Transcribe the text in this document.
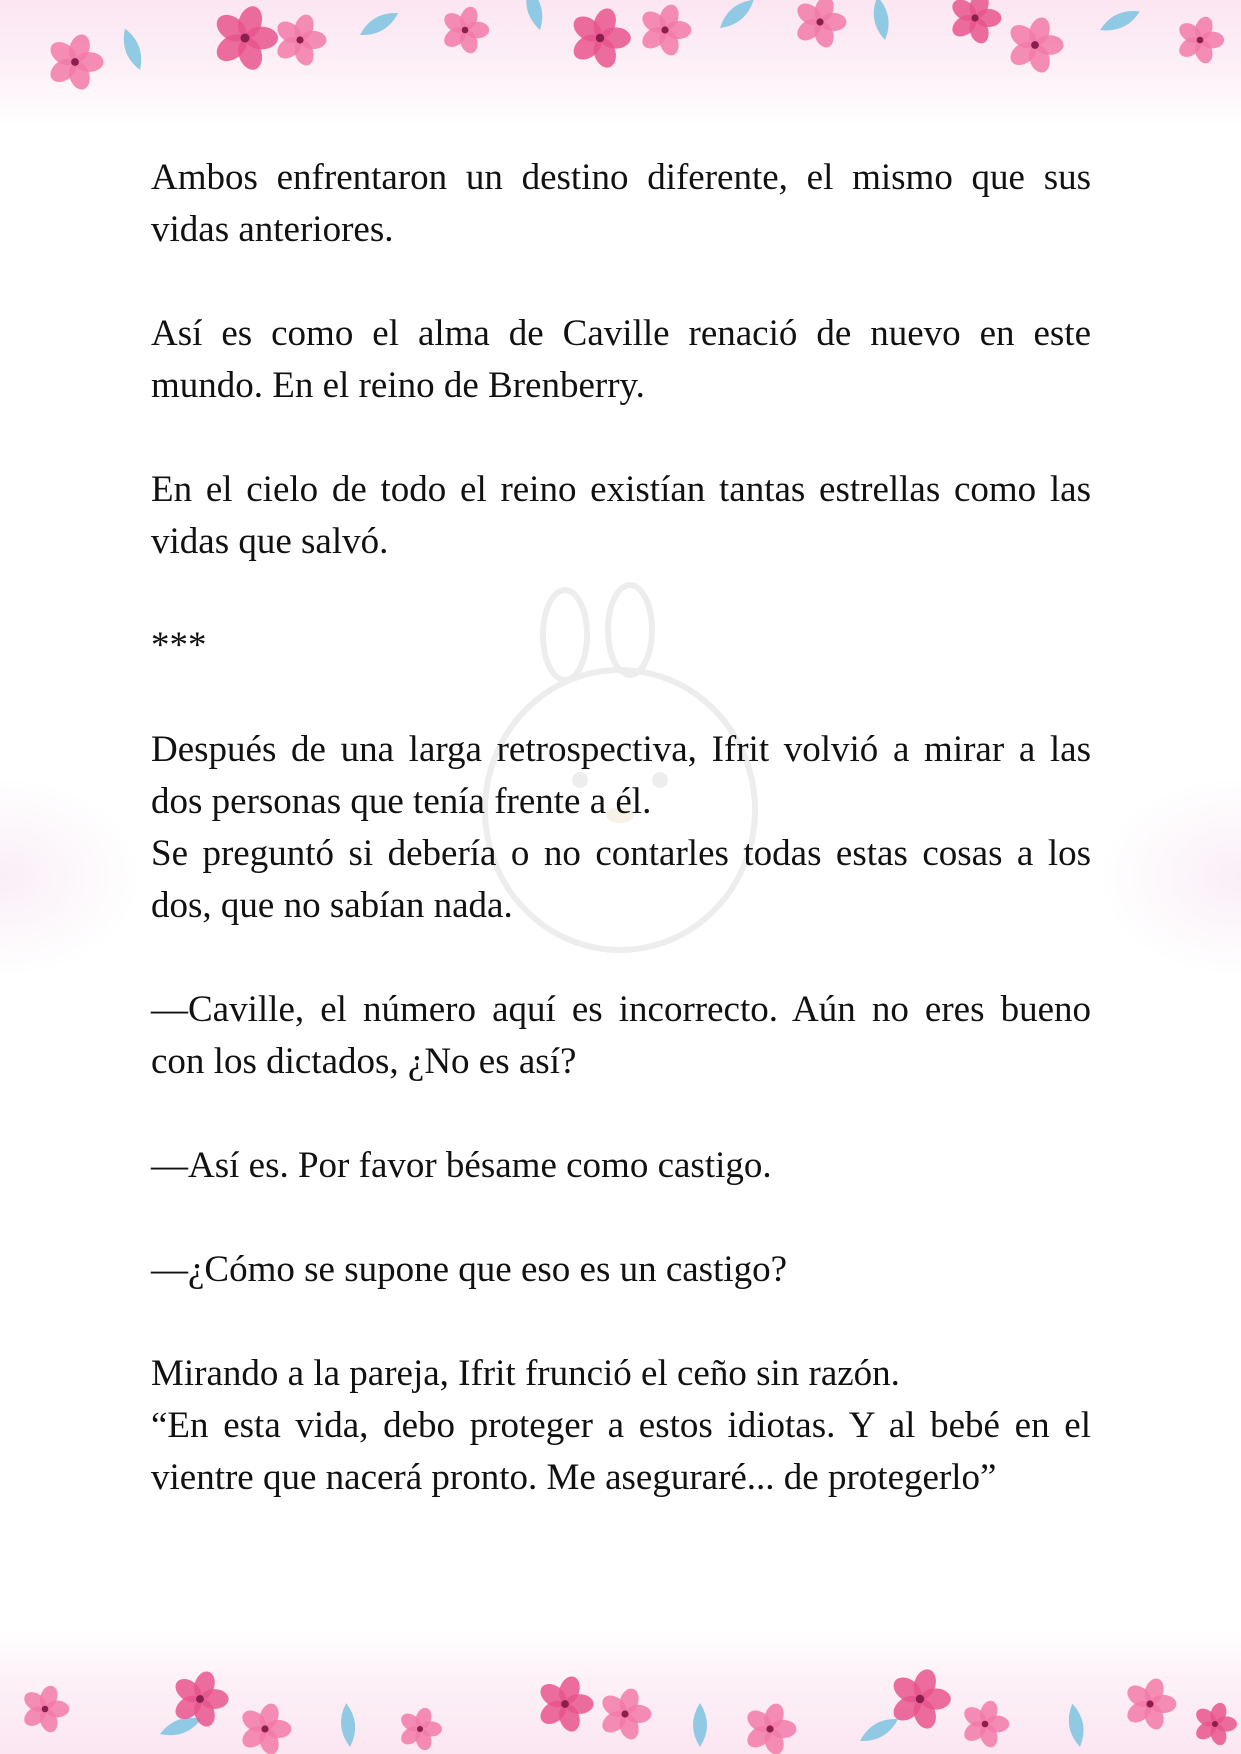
Ambos enfrentaron un destino diferente, el mismo que sus vidas anteriores.

Así es como el alma de Caville renació de nuevo en este mundo. En el reino de Brenberry.

En el cielo de todo el reino existían tantas estrellas como las vidas que salvó.

***

Después de una larga retrospectiva, Ifrit volvió a mirar a las dos personas que tenía frente a él.

Se preguntó si debería o no contarles todas estas cosas a los dos, que no sabían nada.

—Caville, el número aquí es incorrecto. Aún no eres bueno con los dictados, ¿No es así?

—Así es. Por favor bésame como castigo.

—¿Cómo se supone que eso es un castigo?

Mirando a la pareja, Ifrit frunció el ceño sin razón.

“En esta vida, debo proteger a estos idiotas. Y al bebé en el vientre que nacerá pronto. Me aseguraré... de protegerlo”
